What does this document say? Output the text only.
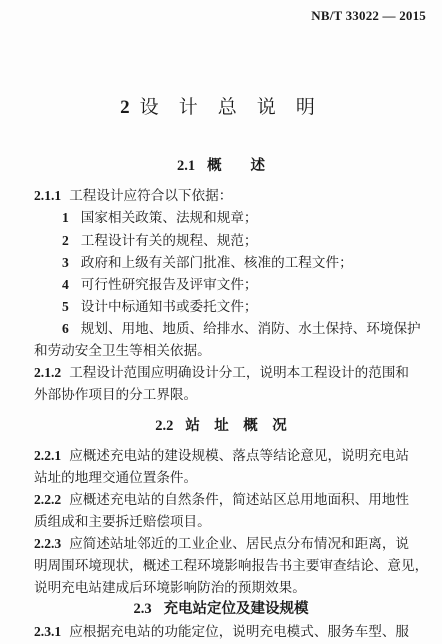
NB/T 33022 — 2015
2 设 计 总 说 明
2.1 概　　述
2.1.1 工程设计应符合以下依据：
1 国家相关政策、法规和规章；
2 工程设计有关的规程、规范；
3 政府和上级有关部门批准、核准的工程文件；
4 可行性研究报告及评审文件；
5 设计中标通知书或委托文件；
6 规划、用地、地质、给排水、消防、水土保持、环境保护
和劳动安全卫生等相关依据。
2.1.2 工程设计范围应明确设计分工，说明本工程设计的范围和
外部协作项目的分工界限。
2.2 站　址　概　况
2.2.1 应概述充电站的建设规模、落点等结论意见，说明充电站
站址的地理交通位置条件。
2.2.2 应概述充电站的自然条件，简述站区总用地面积、用地性
质组成和主要拆迁赔偿项目。
2.2.3 应简述站址邻近的工业企业、居民点分布情况和距离，说
明周围环境现状，概述工程环境影响报告书主要审查结论、意见，
说明充电站建成后环境影响防治的预期效果。
2.3 充电站定位及建设规模
2.3.1 应根据充电站的功能定位，说明充电模式、服务车型、服
